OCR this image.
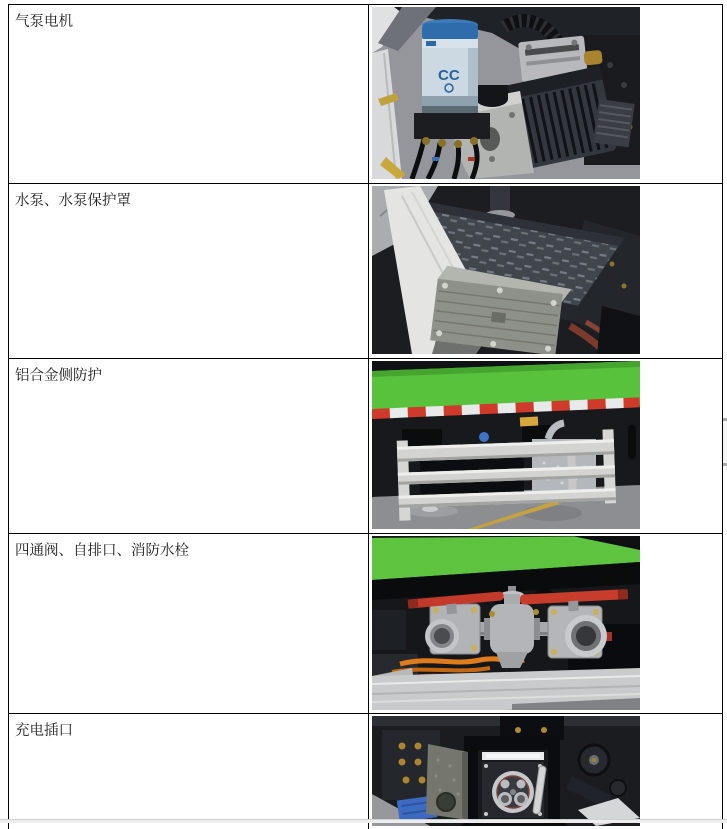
气泵电机
CC
水泵、水泵保护罩
铝合金侧防护
四通阀、自排口、消防水栓
充电插口
